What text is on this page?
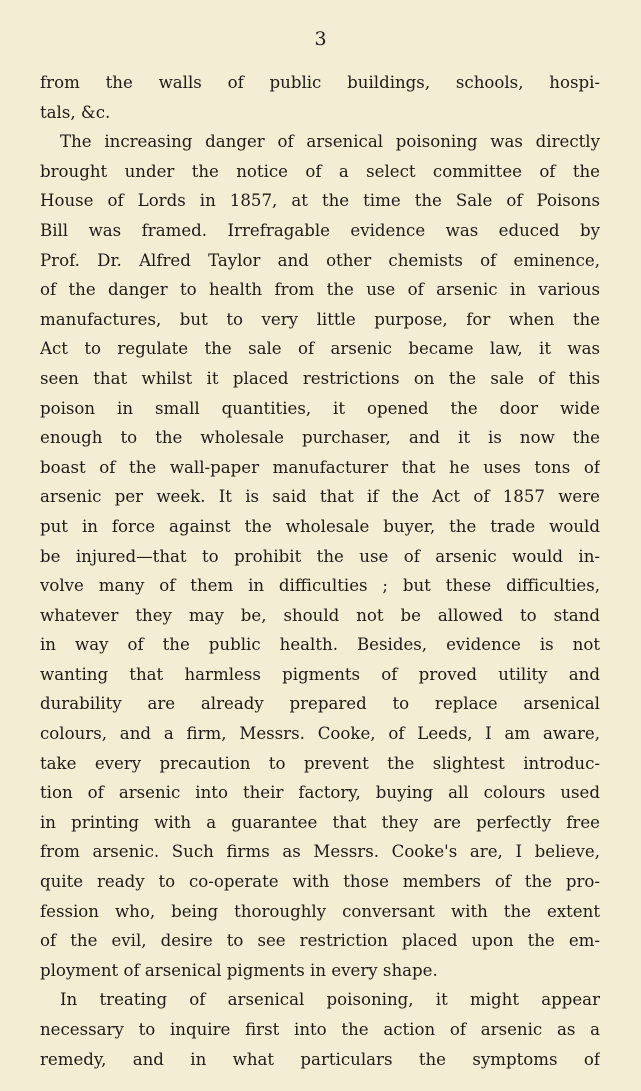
3
from the walls of public buildings, schools, hospi-
tals, &c.
The increasing danger of arsenical poisoning was directly
brought under the notice of a select committee of the
House of Lords in 1857, at the time the Sale of Poisons
Bill was framed. Irrefragable evidence was educed by
Prof. Dr. Alfred Taylor and other chemists of eminence,
of the danger to health from the use of arsenic in various
manufactures, but to very little purpose, for when the
Act to regulate the sale of arsenic became law, it was
seen that whilst it placed restrictions on the sale of this
poison in small quantities, it opened the door wide
enough to the wholesale purchaser, and it is now the
boast of the wall-paper manufacturer that he uses tons of
arsenic per week. It is said that if the Act of 1857 were
put in force against the wholesale buyer, the trade would
be injured—that to prohibit the use of arsenic would in-
volve many of them in difficulties ; but these difficulties,
whatever they may be, should not be allowed to stand
in way of the public health. Besides, evidence is not
wanting that harmless pigments of proved utility and
durability are already prepared to replace arsenical
colours, and a firm, Messrs. Cooke, of Leeds, I am aware,
take every precaution to prevent the slightest introduc-
tion of arsenic into their factory, buying all colours used
in printing with a guarantee that they are perfectly free
from arsenic. Such firms as Messrs. Cooke's are, I believe,
quite ready to co-operate with those members of the pro-
fession who, being thoroughly conversant with the extent
of the evil, desire to see restriction placed upon the em-
ployment of arsenical pigments in every shape.
In treating of arsenical poisoning, it might appear
necessary to inquire first into the action of arsenic as a
remedy, and in what particulars the symptoms of
